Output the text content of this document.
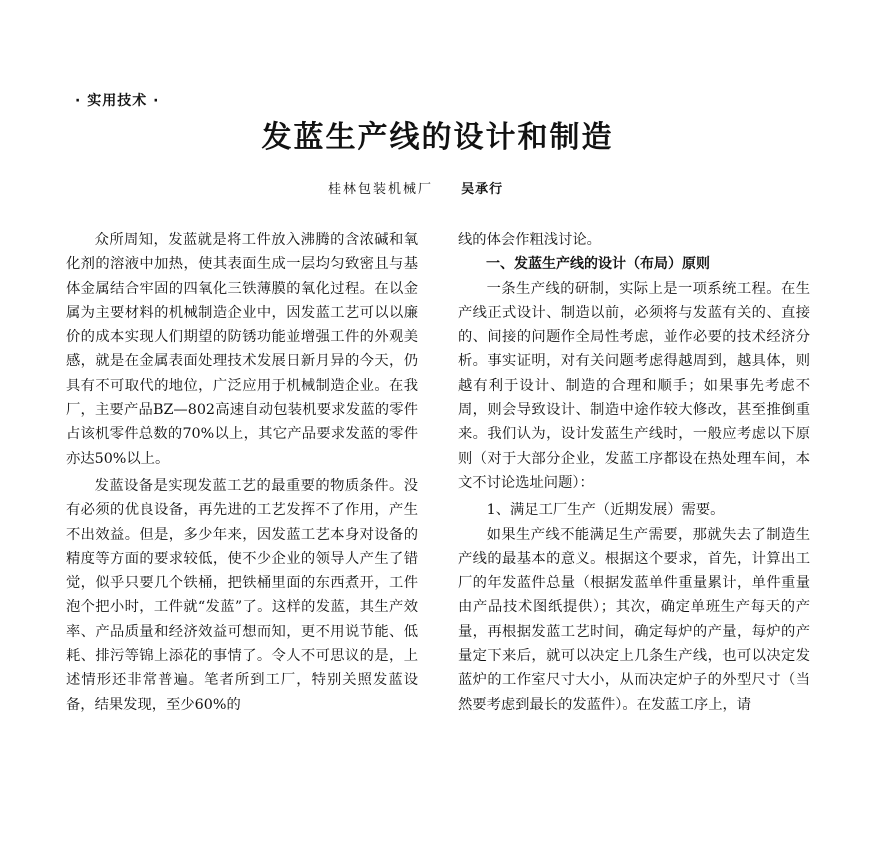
· 实用技术 ·
发蓝生产线的设计和制造
桂林包装机械厂 吴承行

众所周知，发蓝就是将工件放入沸腾的含浓碱和氧化剂的溶液中加热，使其表面生成一层均匀致密且与基体金属结合牢固的四氧化三铁薄膜的氧化过程。在以金属为主要材料的机械制造企业中，因发蓝工艺可以以廉价的成本实现人们期望的防锈功能並增强工件的外观美感，就是在金属表面处理技术发展日新月异的今天，仍具有不可取代的地位，广泛应用于机械制造企业。在我厂，主要产品BZ—802高速自动包装机要求发蓝的零件占该机零件总数的70%以上，其它产品要求发蓝的零件亦达50%以上。

发蓝设备是实现发蓝工艺的最重要的物质条件。没有必须的优良设备，再先进的工艺发挥不了作用，产生不出效益。但是，多少年来，因发蓝工艺本身对设备的精度等方面的要求较低，使不少企业的领导人产生了错觉，似乎只要几个铁桶，把铁桶里面的东西煮开，工件泡个把小时，工件就“发蓝”了。这样的发蓝，其生产效率、产品质量和经济效益可想而知，更不用说节能、低耗、排污等锦上添花的事情了。令人不可思议的是，上述情形还非常普遍。笔者所到工厂，特别关照发蓝设备，结果发现，至少60%的

线的体会作粗浅讨论。

一、发蓝生产线的设计（布局）原则

一条生产线的研制，实际上是一项系统工程。在生产线正式设计、制造以前，必须将与发蓝有关的、直接的、间接的问题作全局性考虑，並作必要的技术经济分析。事实证明，对有关问题考虑得越周到，越具体，则越有利于设计、制造的合理和顺手；如果事先考虑不周，则会导致设计、制造中途作较大修改，甚至推倒重来。我们认为，设计发蓝生产线时，一般应考虑以下原则（对于大部分企业，发蓝工序都设在热处理车间，本文不讨论选址问题）：

1、满足工厂生产（近期发展）需要。

如果生产线不能满足生产需要，那就失去了制造生产线的最基本的意义。根据这个要求，首先，计算出工厂的年发蓝件总量（根据发蓝单件重量累计，单件重量由产品技术图纸提供）；其次，确定单班生产每天的产量，再根据发蓝工艺时间，确定每炉的产量，每炉的产量定下来后，就可以决定上几条生产线，也可以决定发蓝炉的工作室尺寸大小，从而决定炉子的外型尺寸（当然要考虑到最长的发蓝件）。在发蓝工序上，请
